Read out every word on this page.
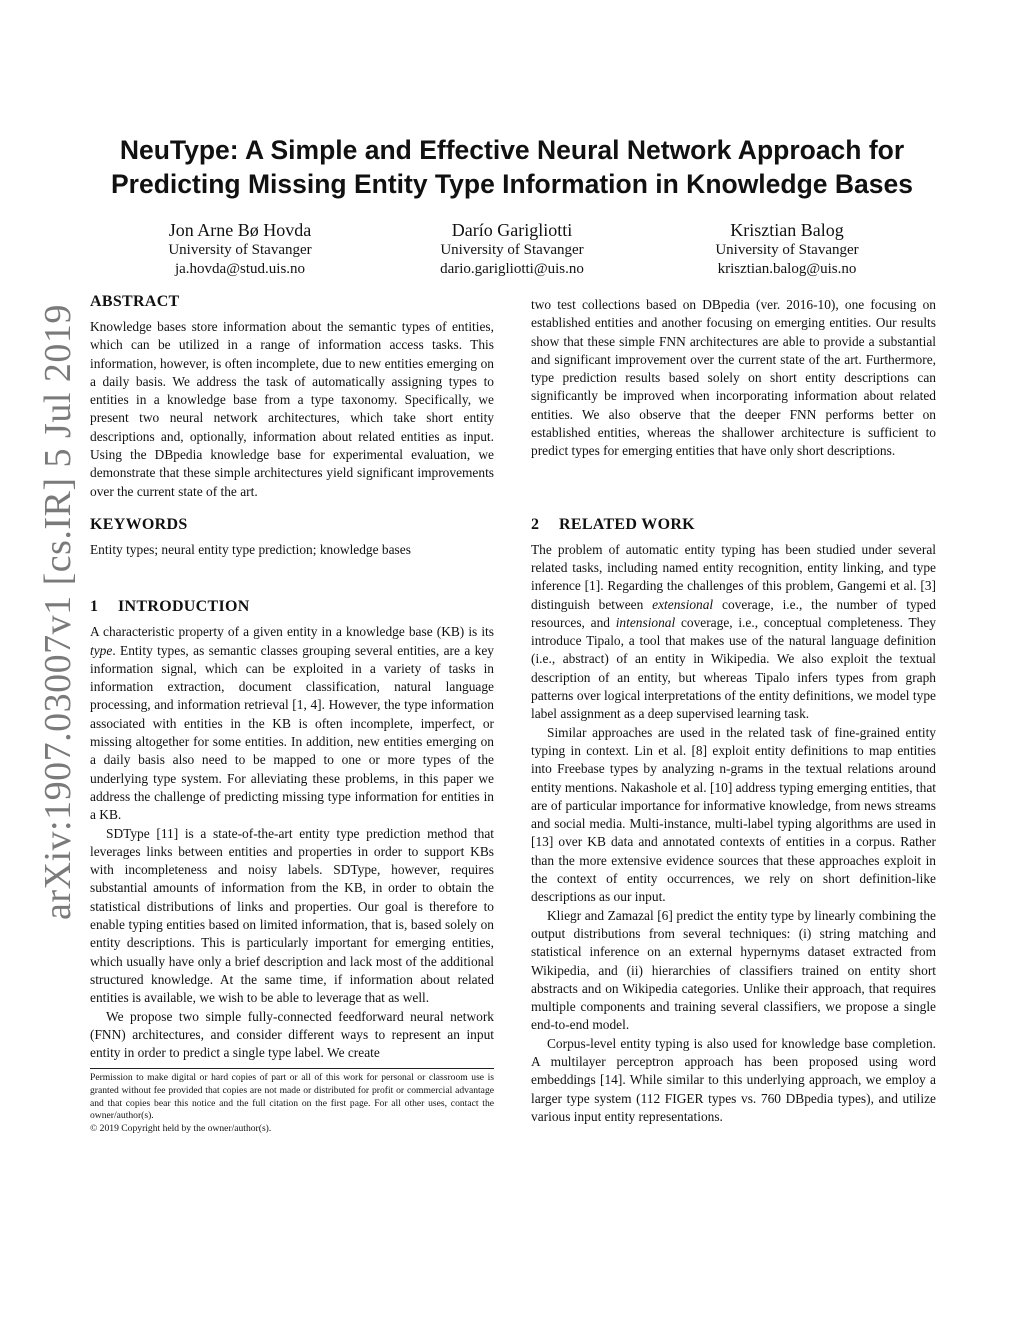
arXiv:1907.03007v1 [cs.IR] 5 Jul 2019
NeuType: A Simple and Effective Neural Network Approach for Predicting Missing Entity Type Information in Knowledge Bases
Jon Arne Bø Hovda
University of Stavanger
ja.hovda@stud.uis.no
Darío Garigliotti
University of Stavanger
dario.garigliotti@uis.no
Krisztian Balog
University of Stavanger
krisztian.balog@uis.no
ABSTRACT

Knowledge bases store information about the semantic types of entities, which can be utilized in a range of information access tasks. This information, however, is often incomplete, due to new entities emerging on a daily basis. We address the task of automatically assigning types to entities in a knowledge base from a type taxonomy. Specifically, we present two neural network architectures, which take short entity descriptions and, optionally, information about related entities as input. Using the DBpedia knowledge base for experimental evaluation, we demonstrate that these simple architectures yield significant improvements over the current state of the art.

KEYWORDS

Entity types; neural entity type prediction; knowledge bases

1 INTRODUCTION

A characteristic property of a given entity in a knowledge base (KB) is its type. Entity types, as semantic classes grouping several entities, are a key information signal, which can be exploited in a variety of tasks in information extraction, document classification, natural language processing, and information retrieval [1, 4]. However, the type information associated with entities in the KB is often incomplete, imperfect, or missing altogether for some entities. In addition, new entities emerging on a daily basis also need to be mapped to one or more types of the underlying type system. For alleviating these problems, in this paper we address the challenge of predicting missing type information for entities in a KB.

SDType [11] is a state-of-the-art entity type prediction method that leverages links between entities and properties in order to support KBs with incompleteness and noisy labels. SDType, however, requires substantial amounts of information from the KB, in order to obtain the statistical distributions of links and properties. Our goal is therefore to enable typing entities based on limited information, that is, based solely on entity descriptions. This is particularly important for emerging entities, which usually have only a brief description and lack most of the additional structured knowledge. At the same time, if information about related entities is available, we wish to be able to leverage that as well.

We propose two simple fully-connected feedforward neural network (FNN) architectures, and consider different ways to represent an input entity in order to predict a single type label. We create

Permission to make digital or hard copies of part or all of this work for personal or classroom use is granted without fee provided that copies are not made or distributed for profit or commercial advantage and that copies bear this notice and the full citation on the first page. For all other uses, contact the owner/author(s).

© 2019 Copyright held by the owner/author(s).

two test collections based on DBpedia (ver. 2016-10), one focusing on established entities and another focusing on emerging entities. Our results show that these simple FNN architectures are able to provide a substantial and significant improvement over the current state of the art. Furthermore, type prediction results based solely on short entity descriptions can significantly be improved when incorporating information about related entities. We also observe that the deeper FNN performs better on established entities, whereas the shallower architecture is sufficient to predict types for emerging entities that have only short descriptions.

2 RELATED WORK

The problem of automatic entity typing has been studied under several related tasks, including named entity recognition, entity linking, and type inference [1]. Regarding the challenges of this problem, Gangemi et al. [3] distinguish between extensional coverage, i.e., the number of typed resources, and intensional coverage, i.e., conceptual completeness. They introduce Tipalo, a tool that makes use of the natural language definition (i.e., abstract) of an entity in Wikipedia. We also exploit the textual description of an entity, but whereas Tipalo infers types from graph patterns over logical interpretations of the entity definitions, we model type label assignment as a deep supervised learning task.

Similar approaches are used in the related task of fine-grained entity typing in context. Lin et al. [8] exploit entity definitions to map entities into Freebase types by analyzing n-grams in the textual relations around entity mentions. Nakashole et al. [10] address typing emerging entities, that are of particular importance for informative knowledge, from news streams and social media. Multi-instance, multi-label typing algorithms are used in [13] over KB data and annotated contexts of entities in a corpus. Rather than the more extensive evidence sources that these approaches exploit in the context of entity occurrences, we rely on short definition-like descriptions as our input.

Kliegr and Zamazal [6] predict the entity type by linearly combining the output distributions from several techniques: (i) string matching and statistical inference on an external hypernyms dataset extracted from Wikipedia, and (ii) hierarchies of classifiers trained on entity short abstracts and on Wikipedia categories. Unlike their approach, that requires multiple components and training several classifiers, we propose a single end-to-end model.

Corpus-level entity typing is also used for knowledge base completion. A multilayer perceptron approach has been proposed using word embeddings [14]. While similar to this underlying approach, we employ a larger type system (112 FIGER types vs. 760 DBpedia types), and utilize various input entity representations.
